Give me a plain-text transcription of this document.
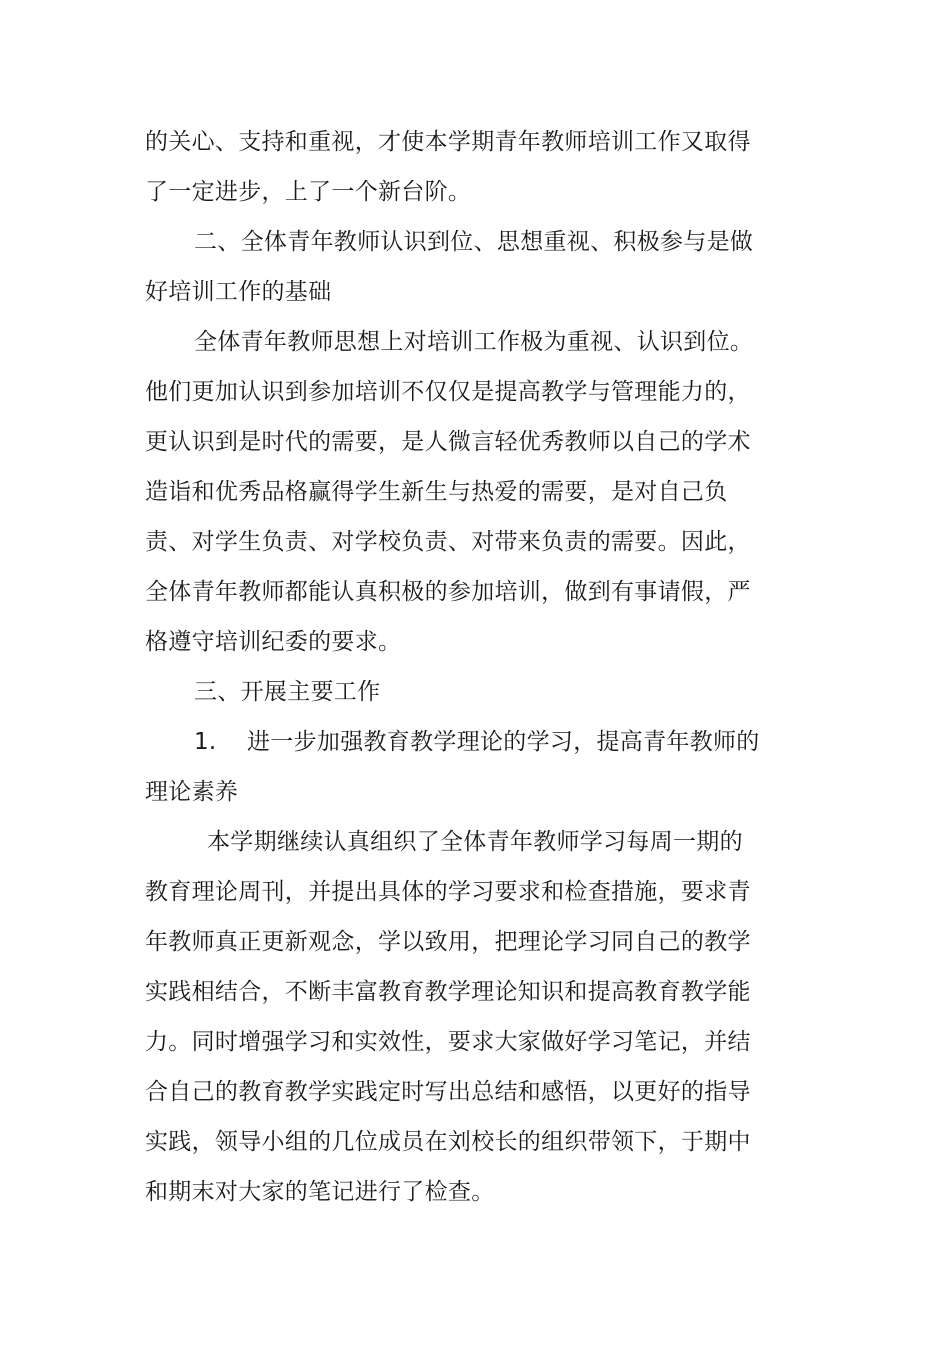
的关心、支持和重视，才使本学期青年教师培训工作又取得
了一定进步，上了一个新台阶。
二、全体青年教师认识到位、思想重视、积极参与是做
好培训工作的基础
全体青年教师思想上对培训工作极为重视、认识到位。
他们更加认识到参加培训不仅仅是提高教学与管理能力的，
更认识到是时代的需要，是人微言轻优秀教师以自己的学术
造诣和优秀品格赢得学生新生与热爱的需要，是对自己负
责、对学生负责、对学校负责、对带来负责的需要。因此，
全体青年教师都能认真积极的参加培训，做到有事请假，严
格遵守培训纪委的要求。
三、开展主要工作
1.    进一步加强教育教学理论的学习，提高青年教师的
理论素养
本学期继续认真组织了全体青年教师学习每周一期的
教育理论周刊，并提出具体的学习要求和检查措施，要求青
年教师真正更新观念，学以致用，把理论学习同自己的教学
实践相结合，不断丰富教育教学理论知识和提高教育教学能
力。同时增强学习和实效性，要求大家做好学习笔记，并结
合自己的教育教学实践定时写出总结和感悟，以更好的指导
实践，领导小组的几位成员在刘校长的组织带领下，于期中
和期末对大家的笔记进行了检查。
